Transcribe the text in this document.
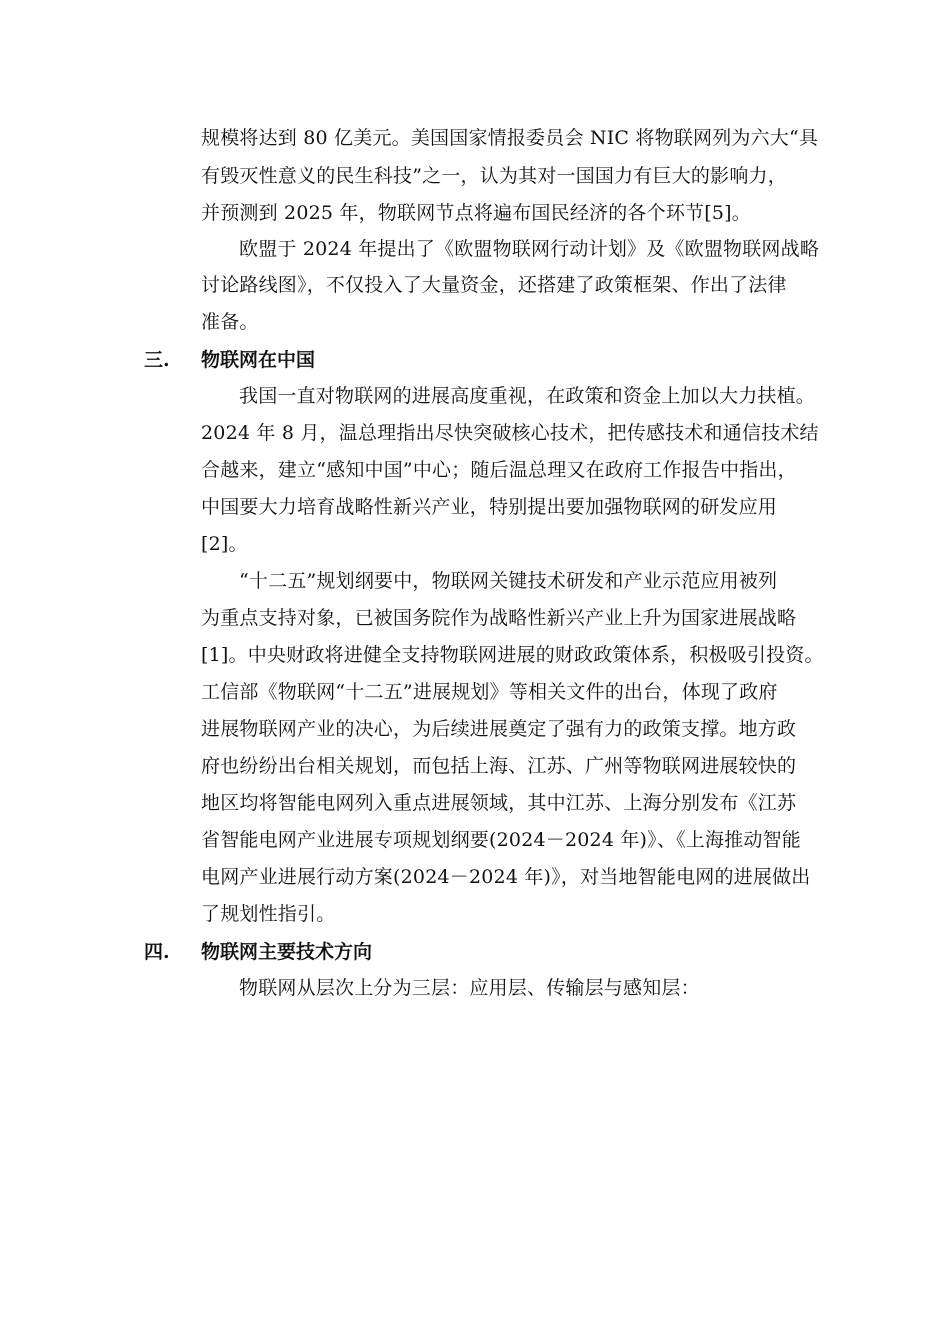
规模将达到 80 亿美元。美国国家情报委员会 NIC 将物联网列为六大“具
有毁灭性意义的民生科技”之一，认为其对一国国力有巨大的影响力，
并预测到 2025 年，物联网节点将遍布国民经济的各个环节[5]。
欧盟于 2024 年提出了《欧盟物联网行动计划》及《欧盟物联网战略
讨论路线图》，不仅投入了大量资金，还搭建了政策框架、作出了法律
准备。
三. 物联网在中国
我国一直对物联网的进展高度重视，在政策和资金上加以大力扶植。
2024 年 8 月，温总理指出尽快突破核心技术，把传感技术和通信技术结
合越来，建立“感知中国”中心；随后温总理又在政府工作报告中指出，
中国要大力培育战略性新兴产业，特别提出要加强物联网的研发应用
[2]。
“十二五”规划纲要中，物联网关键技术研发和产业示范应用被列
为重点支持对象，已被国务院作为战略性新兴产业上升为国家进展战略
[1]。中央财政将进健全支持物联网进展的财政政策体系，积极吸引投资。
工信部《物联网“十二五”进展规划》等相关文件的出台，体现了政府
进展物联网产业的决心，为后续进展奠定了强有力的政策支撑。地方政
府也纷纷出台相关规划，而包括上海、江苏、广州等物联网进展较快的
地区均将智能电网列入重点进展领域，其中江苏、上海分别发布《江苏
省智能电网产业进展专项规划纲要(2024－2024 年)》、《上海推动智能
电网产业进展行动方案(2024－2024 年)》，对当地智能电网的进展做出
了规划性指引。
四. 物联网主要技术方向
物联网从层次上分为三层：应用层、传输层与感知层：
